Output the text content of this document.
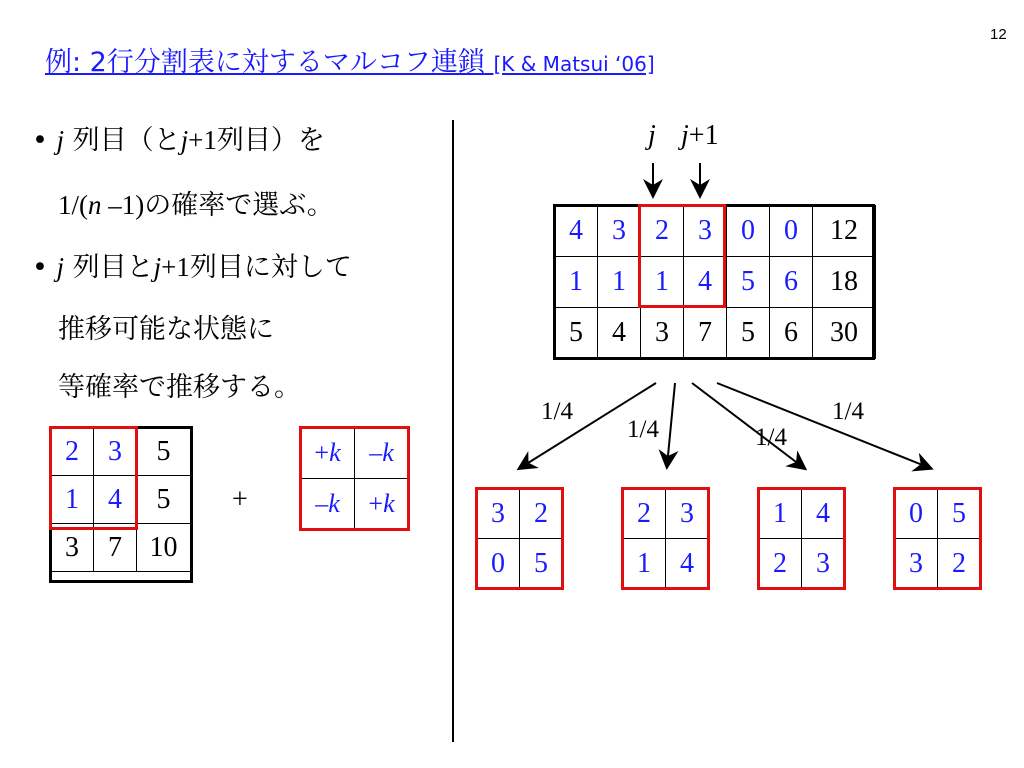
12
例: 2行分割表に対するマルコフ連鎖 [K & Matsui ‘06]
• j 列目（とj+1列目）を
1/(n –1)の確率で選ぶ。
• j 列目とj+1列目に対して
推移可能な状態に
等確率で推移する。
2	3	5
1	4	5
3	7	10
+
+k	–k
–k	+k
j j+1
4	3	2	3	0	0	12
1	1	1	4	5	6	18
5	4	3	7	5	6	30
1/4
1/4	1/4
1/4
3	2
0	5
2	3
1	4
1	4
2	3
0	5
3	2
